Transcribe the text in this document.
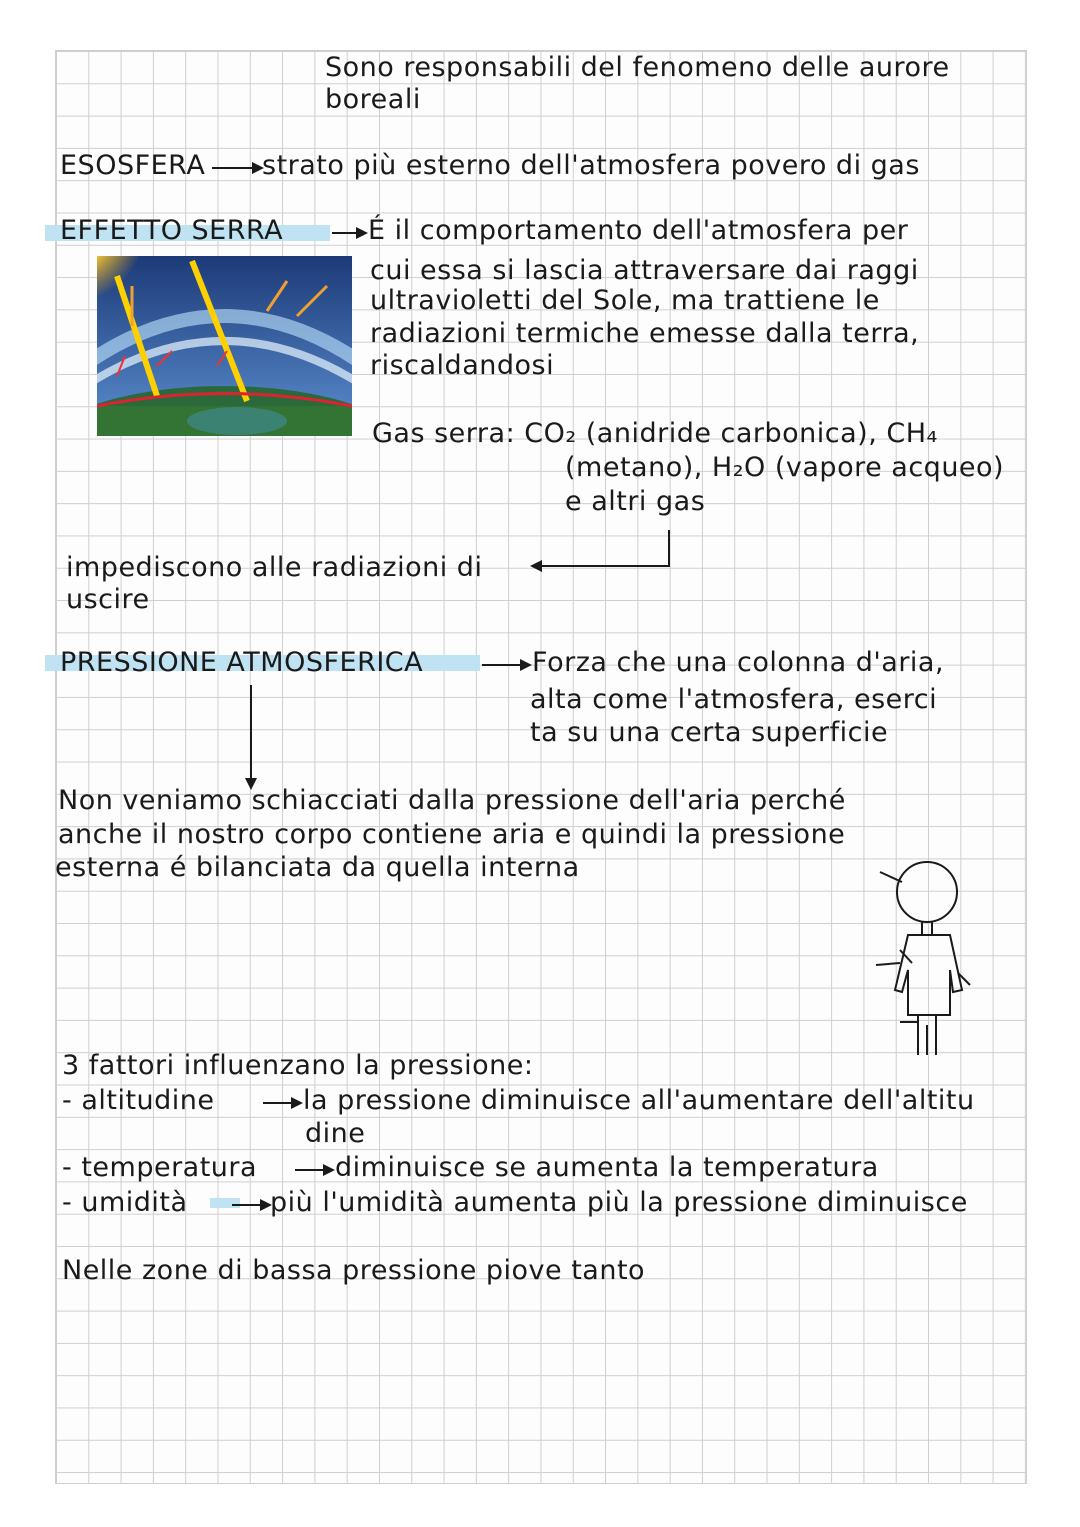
Sono responsabili del fenomeno delle aurore
boreali
ESOSFERA strato più esterno dell'atmosfera povero di gas
EFFETTO SERRA	É il comportamento dell'atmosfera per
cui essa si lascia attraversare dai raggi
ultravioletti del Sole, ma trattiene le
radiazioni termiche emesse dalla terra,
riscaldandosi
Gas serra: CO₂ (anidride carbonica), CH₄
(metano), H₂O (vapore acqueo)
e altri gas
impediscono alle radiazioni di
uscire
PRESSIONE ATMOSFERICA	Forza che una colonna d'aria,
alta come l'atmosfera, eserci
ta su una certa superficie
Non veniamo schiacciati dalla pressione dell'aria perché
anche il nostro corpo contiene aria e quindi la pressione
esterna é bilanciata da quella interna
3 fattori influenzano la pressione:
- altitudine	la pressione diminuisce all'aumentare dell'altitu
dine
- temperatura	diminuisce se aumenta la temperatura
- umidità	più l'umidità aumenta più la pressione diminuisce
Nelle zone di bassa pressione piove tanto
